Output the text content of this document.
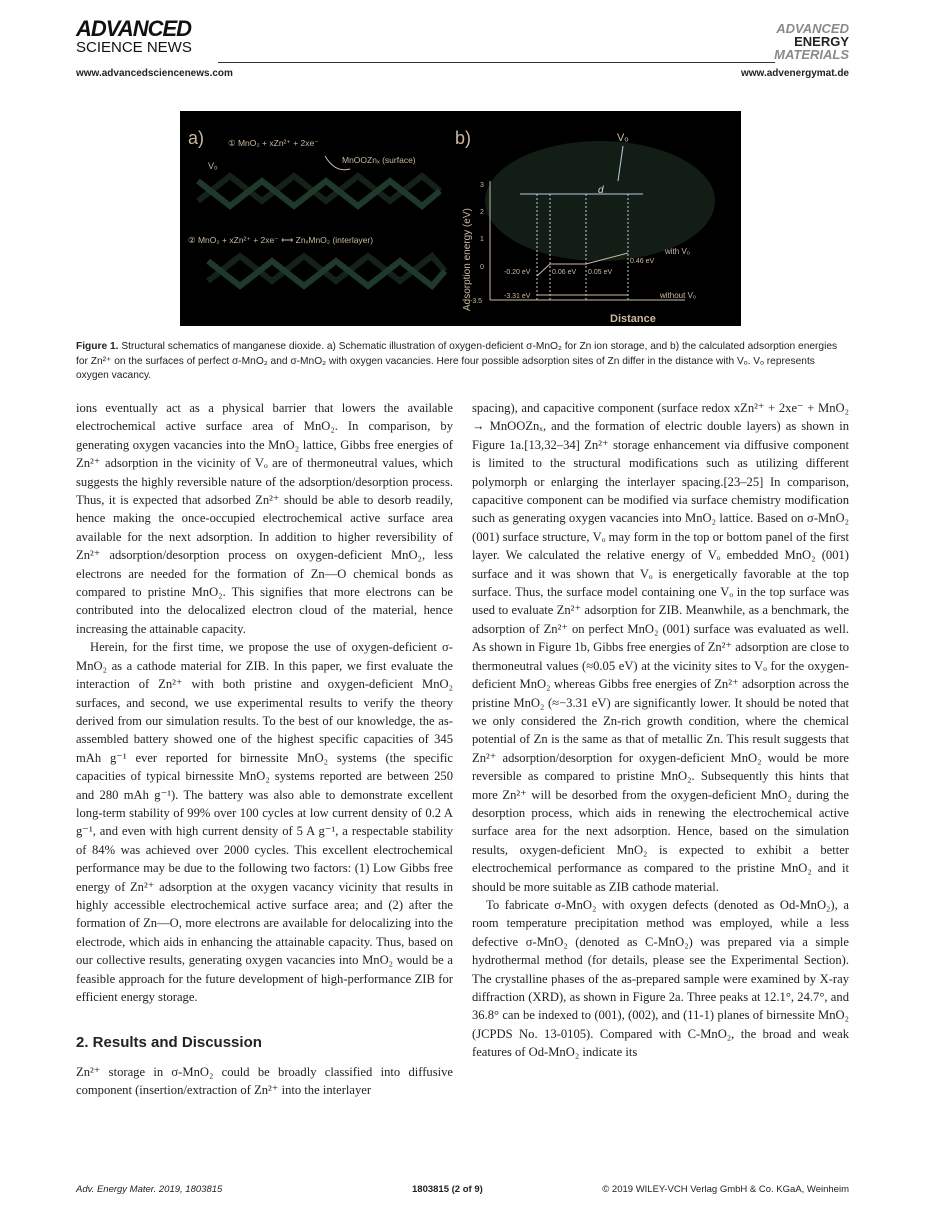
ADVANCED
SCIENCE NEWS
ADVANCED
ENERGY
MATERIALS
www.advancedsciencenews.com	www.advenergymat.de
a)	① MnO₂ + xZn²⁺ + 2xe⁻
MnOOZnₓ (surface)
Vₒ
② MnO₂ + xZn²⁺ + 2xe⁻ ⟷ ZnₓMnO₂ (interlayer)
b)
Adsorption energy (eV)
Distance
3
2
1
0
-3.5
-0.20 eV	0.06 eV 0.05 eV
0.46 eV
-3.31 eV
with Vₒ
without Vₒ
Vₒ
d
Figure 1. Structural schematics of manganese dioxide. a) Schematic illustration of oxygen-deficient σ-MnO₂ for Zn ion storage, and b) the calculated adsorption energies for Zn²⁺ on the surfaces of perfect σ-MnO₂ and σ-MnO₂ with oxygen vacancies. Here four possible adsorption sites of Zn differ in the distance with Vₒ. Vₒ represents oxygen vacancy.

ions eventually act as a physical barrier that lowers the available electrochemical active surface area of MnO₂. In comparison, by generating oxygen vacancies into the MnO₂ lattice, Gibbs free energies of Zn²⁺ adsorption in the vicinity of Vₒ are of thermoneutral values, which suggests the highly reversible nature of the adsorption/desorption process. Thus, it is expected that adsorbed Zn²⁺ should be able to desorb readily, hence making the once-occupied electrochemical active surface area available for the next adsorption. In addition to higher reversibility of Zn²⁺ adsorption/desorption process on oxygen-deficient MnO₂, less electrons are needed for the formation of Zn—O chemical bonds as compared to pristine MnO₂. This signifies that more electrons can be contributed into the delocalized electron cloud of the material, hence increasing the attainable capacity.

Herein, for the first time, we propose the use of oxygen-deficient σ-MnO₂ as a cathode material for ZIB. In this paper, we first evaluate the interaction of Zn²⁺ with both pristine and oxygen-deficient MnO₂ surfaces, and second, we use experimental results to verify the theory derived from our simulation results. To the best of our knowledge, the as-assembled battery showed one of the highest specific capacities of 345 mAh g⁻¹ ever reported for birnessite MnO₂ systems (the specific capacities of typical birnessite MnO₂ systems reported are between 250 and 280 mAh g⁻¹). The battery was also able to demonstrate excellent long-term stability of 99% over 100 cycles at low current density of 0.2 A g⁻¹, and even with high current density of 5 A g⁻¹, a respectable stability of 84% was achieved over 2000 cycles. This excellent electrochemical performance may be due to the following two factors: (1) Low Gibbs free energy of Zn²⁺ adsorption at the oxygen vacancy vicinity that results in highly accessible electrochemical active surface area; and (2) after the formation of Zn—O, more electrons are available for delocalizing into the electrode, which aids in enhancing the attainable capacity. Thus, based on our collective results, generating oxygen vacancies into MnO₂ would be a feasible approach for the future development of high-performance ZIB for efficient energy storage.

2. Results and Discussion

Zn²⁺ storage in σ-MnO₂ could be broadly classified into diffusive component (insertion/extraction of Zn²⁺ into the interlayer

spacing), and capacitive component (surface redox xZn²⁺ + 2xe⁻ + MnO₂ → MnOOZnₓ, and the formation of electric double layers) as shown in Figure 1a.[13,32–34] Zn²⁺ storage enhancement via diffusive component is limited to the structural modifications such as utilizing different polymorph or enlarging the interlayer spacing.[23–25] In comparison, capacitive component can be modified via surface chemistry modification such as generating oxygen vacancies into MnO₂ lattice. Based on σ-MnO₂ (001) surface structure, Vₒ may form in the top or bottom panel of the first layer. We calculated the relative energy of Vₒ embedded MnO₂ (001) surface and it was shown that Vₒ is energetically favorable at the top surface. Thus, the surface model containing one Vₒ in the top surface was used to evaluate Zn²⁺ adsorption for ZIB. Meanwhile, as a benchmark, the adsorption of Zn²⁺ on perfect MnO₂ (001) surface was evaluated as well. As shown in Figure 1b, Gibbs free energies of Zn²⁺ adsorption are close to thermoneutral values (≈0.05 eV) at the vicinity sites to Vₒ for the oxygen-deficient MnO₂ whereas Gibbs free energies of Zn²⁺ adsorption across the pristine MnO₂ (≈−3.31 eV) are significantly lower. It should be noted that we only considered the Zn-rich growth condition, where the chemical potential of Zn is the same as that of metallic Zn. This result suggests that Zn²⁺ adsorption/desorption for oxygen-deficient MnO₂ would be more reversible as compared to pristine MnO₂. Subsequently this hints that more Zn²⁺ will be desorbed from the oxygen-deficient MnO₂ during the desorption process, which aids in renewing the electrochemical active surface area for the next adsorption. Hence, based on the simulation results, oxygen-deficient MnO₂ is expected to exhibit a better electrochemical performance as compared to the pristine MnO₂ and it should be more suitable as ZIB cathode material.

To fabricate σ-MnO₂ with oxygen defects (denoted as Od-MnO₂), a room temperature precipitation method was employed, while a less defective σ-MnO₂ (denoted as C-MnO₂) was prepared via a simple hydrothermal method (for details, please see the Experimental Section). The crystalline phases of the as-prepared sample were examined by X-ray diffraction (XRD), as shown in Figure 2a. Three peaks at 12.1°, 24.7°, and 36.8° can be indexed to (001), (002), and (11-1) planes of birnessite MnO₂ (JCPDS No. 13-0105). Compared with C-MnO₂, the broad and weak features of Od-MnO₂ indicate its

Adv. Energy Mater. 2019, 1803815	1803815 (2 of 9)	© 2019 WILEY-VCH Verlag GmbH & Co. KGaA, Weinheim
